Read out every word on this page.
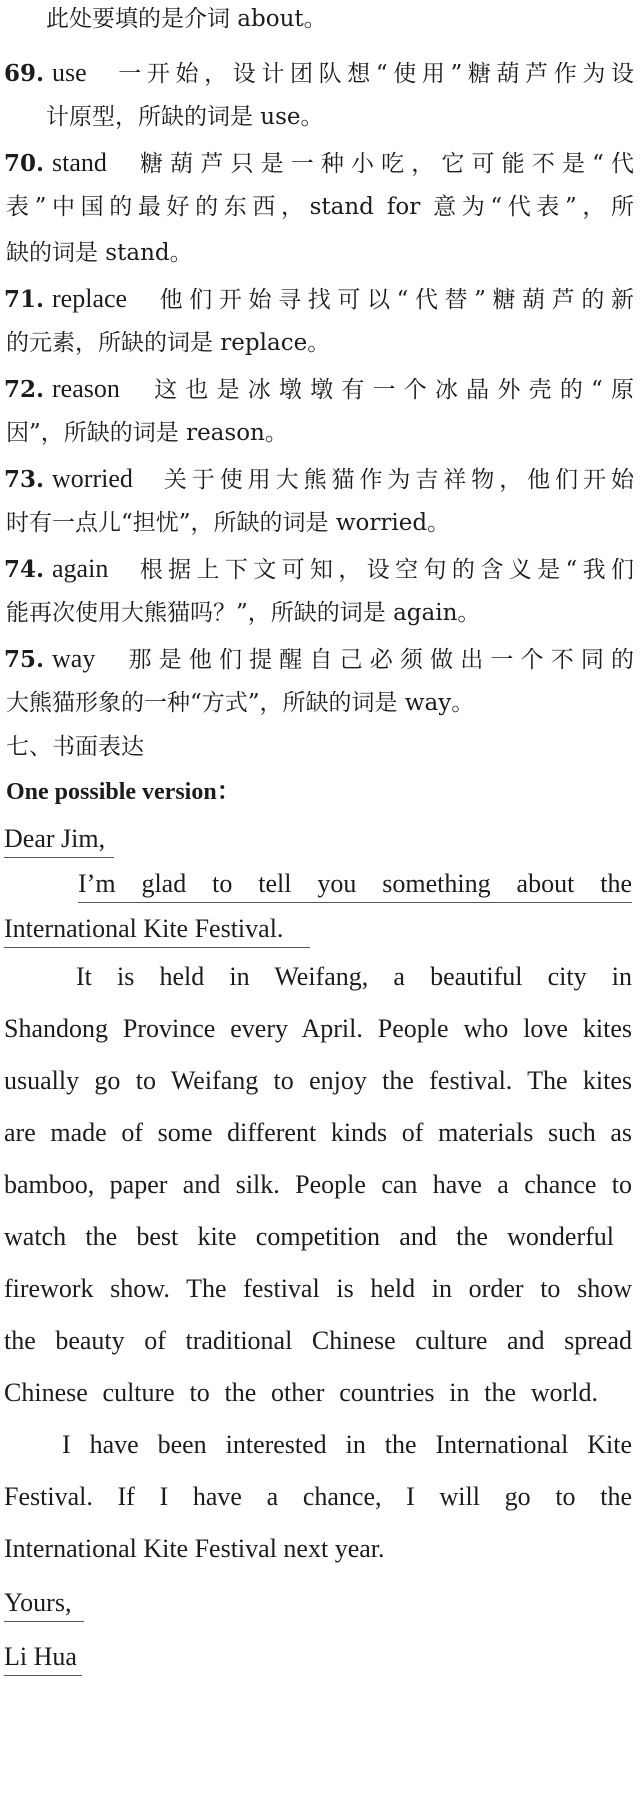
此处要填的是介词 about。
69. use 一开始，设计团队想“使用”糖葫芦作为设
计原型，所缺的词是 use。
70. stand 糖葫芦只是一种小吃，它可能不是“代
表”中国的最好的东西，stand for 意为“代表”，所
缺的词是 stand。
71. replace 他们开始寻找可以“代替”糖葫芦的新
的元素，所缺的词是 replace。
72. reason 这也是冰墩墩有一个冰晶外壳的“原
因”，所缺的词是 reason。
73. worried 关于使用大熊猫作为吉祥物，他们开始
时有一点儿“担忧”，所缺的词是 worried。
74. again 根据上下文可知，设空句的含义是“我们
能再次使用大熊猫吗？”，所缺的词是 again。
75. way 那是他们提醒自己必须做出一个不同的
大熊猫形象的一种“方式”，所缺的词是 way。
七、书面表达
One possible version：
Dear Jim,
I’m glad to tell you something about the
International Kite Festival.
It is held in Weifang, a beautiful city in
Shandong Province every April. People who love kites
usually go to Weifang to enjoy the festival. The kites
are made of some different kinds of materials such as
bamboo, paper and silk. People can have a chance to
watch the best kite competition and the wonderful
firework show. The festival is held in order to show
the beauty of traditional Chinese culture and spread
Chinese culture to the other countries in the world.
I have been interested in the International Kite
Festival. If I have a chance, I will go to the
International Kite Festival next year.
Yours,
Li Hua
